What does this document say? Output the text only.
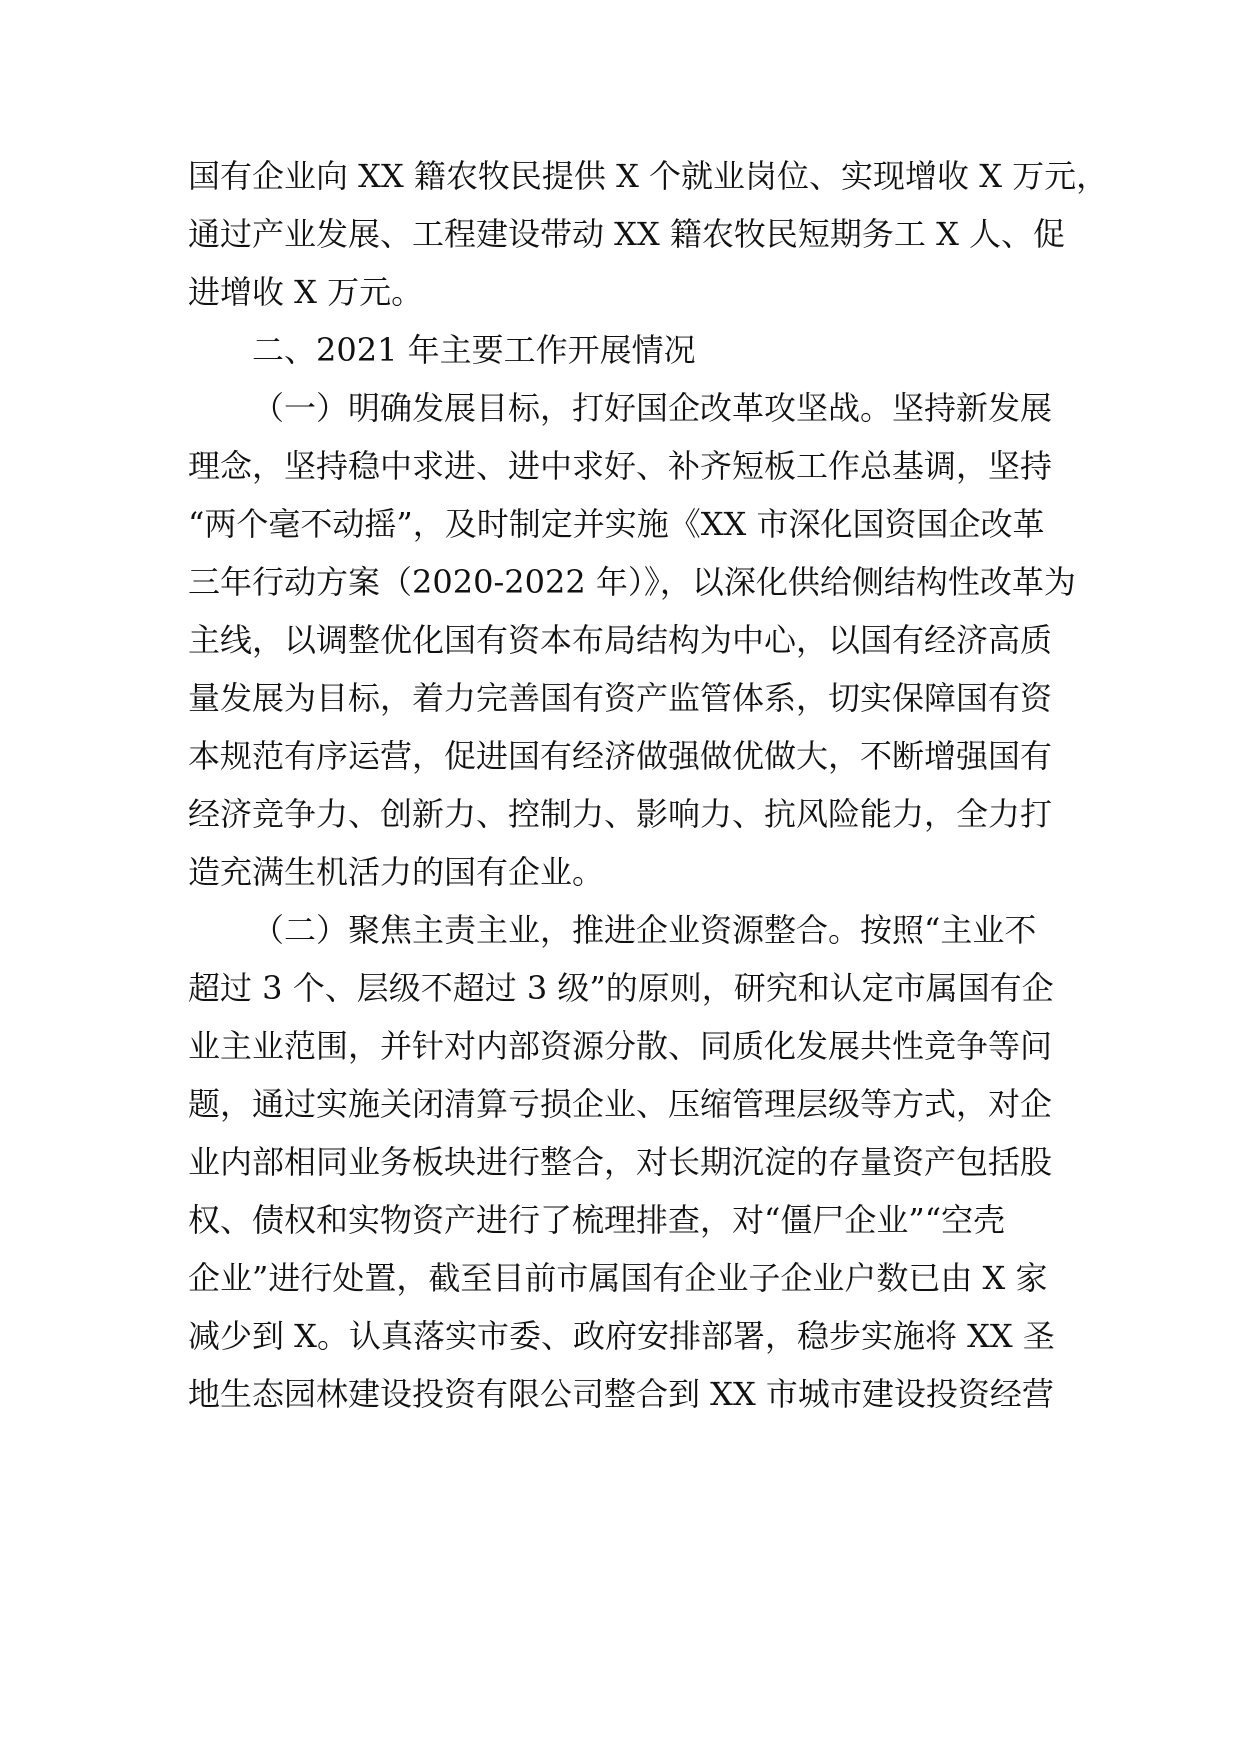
国有企业向 XX 籍农牧民提供 X 个就业岗位、实现增收 X 万元，
通过产业发展、工程建设带动 XX 籍农牧民短期务工 X 人、促
进增收 X 万元。
二、2021 年主要工作开展情况
（一）明确发展目标，打好国企改革攻坚战。坚持新发展
理念，坚持稳中求进、进中求好、补齐短板工作总基调，坚持
“两个毫不动摇”，及时制定并实施《XX 市深化国资国企改革
三年行动方案（2020-2022 年）》，以深化供给侧结构性改革为
主线，以调整优化国有资本布局结构为中心，以国有经济高质
量发展为目标，着力完善国有资产监管体系，切实保障国有资
本规范有序运营，促进国有经济做强做优做大，不断增强国有
经济竞争力、创新力、控制力、影响力、抗风险能力，全力打
造充满生机活力的国有企业。
（二）聚焦主责主业，推进企业资源整合。按照“主业不
超过 3 个、层级不超过 3 级”的原则，研究和认定市属国有企
业主业范围，并针对内部资源分散、同质化发展共性竞争等问
题，通过实施关闭清算亏损企业、压缩管理层级等方式，对企
业内部相同业务板块进行整合，对长期沉淀的存量资产包括股
权、债权和实物资产进行了梳理排查，对“僵尸企业”“空壳
企业”进行处置，截至目前市属国有企业子企业户数已由 X 家
减少到 X。认真落实市委、政府安排部署，稳步实施将 XX 圣
地生态园林建设投资有限公司整合到 XX 市城市建设投资经营
